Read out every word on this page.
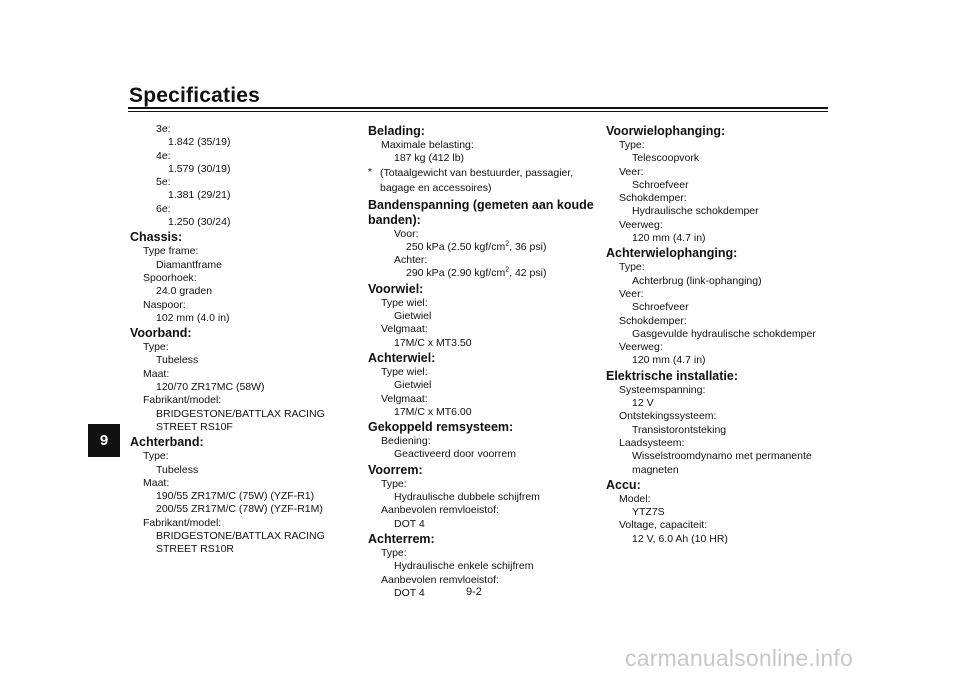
Specificaties
9
3e:
1.842 (35/19)
4e:
1.579 (30/19)
5e:
1.381 (29/21)
6e:
1.250 (30/24)
Chassis:
Type frame:
Diamantframe
Spoorhoek:
24.0 graden
Naspoor:
102 mm (4.0 in)
Voorband:
Type:
Tubeless
Maat:
120/70 ZR17MC (58W)
Fabrikant/model:
BRIDGESTONE/BATTLAX RACING
STREET RS10F
Achterband:
Type:
Tubeless
Maat:
190/55 ZR17M/C (75W) (YZF-R1)
200/55 ZR17M/C (78W) (YZF-R1M)
Fabrikant/model:
BRIDGESTONE/BATTLAX RACING
STREET RS10R
Belading:
Maximale belasting:
187 kg (412 lb)
* (Totaalgewicht van bestuurder, passagier, bagage en accessoires)
Bandenspanning (gemeten aan koude banden):
Voor:
250 kPa (2.50 kgf/$cm^2$, 36 psi)
Achter:
290 kPa (2.90 kgf/$cm^2$, 42 psi)
Voorwiel:
Type wiel:
Gietwiel
Velgmaat:
17M/C x MT3.50
Achterwiel:
Type wiel:
Gietwiel
Velgmaat:
17M/C x MT6.00
Gekoppeld remsysteem:
Bediening:
Geactiveerd door voorrem
Voorrem:
Type:
Hydraulische dubbele schijfrem
Aanbevolen remvloeistof:
DOT 4
Achterrem:
Type:
Hydraulische enkele schijfrem
Aanbevolen remvloeistof:
DOT 4
Voorwielophanging:
Type:
Telescoopvork
Veer:
Schroefveer
Schokdemper:
Hydraulische schokdemper
Veerweg:
120 mm (4.7 in)
Achterwielophanging:
Type:
Achterbrug (link-ophanging)
Veer:
Schroefveer
Schokdemper:
Gasgevulde hydraulische schokdemper
Veerweg:
120 mm (4.7 in)
Elektrische installatie:
Systeemspanning:
12 V
Ontstekingssysteem:
Transistorontsteking
Laadsysteem:
Wisselstroomdynamo met permanente
magneten
Accu:
Model:
YTZ7S
Voltage, capaciteit:
12 V, 6.0 Ah (10 HR)
9-2
carmanualsonline.info
